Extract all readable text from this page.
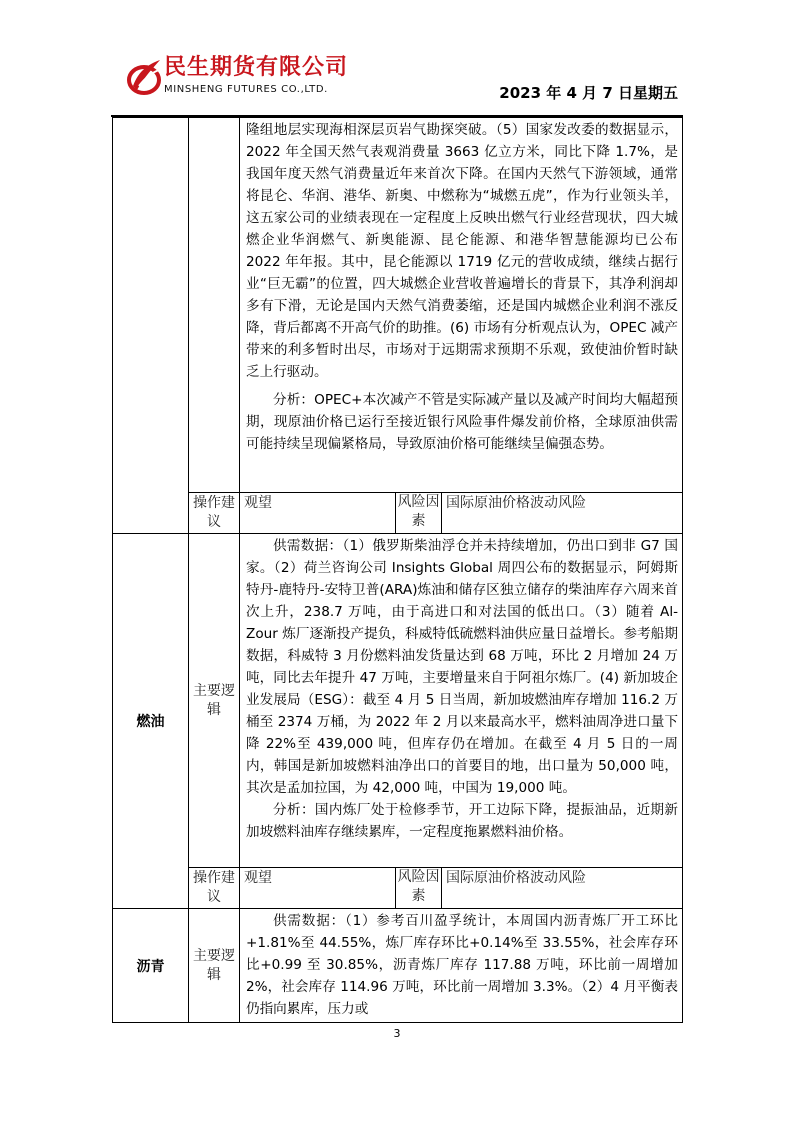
民生期货有限公司
MINSHENG FUTURES CO.,LTD.	2023 年 4 月 7 日星期五

		隆组地层实现海相深层页岩气勘探突破。（5）国家发改委的数据显示，2022 年全国天然气表观消费量 3663 亿立方米，同比下降 1.7%，是我国年度天然气消费量近年来首次下降。在国内天然气下游领域，通常将昆仑、华润、港华、新奥、中燃称为“城燃五虎”，作为行业领头羊，这五家公司的业绩表现在一定程度上反映出燃气行业经营现状，四大城燃企业华润燃气、新奥能源、昆仑能源、和港华智慧能源均已公布 2022 年年报。其中，昆仑能源以 1719 亿元的营收成绩，继续占据行业“巨无霸”的位置，四大城燃企业营收普遍增长的背景下，其净利润却多有下滑，无论是国内天然气消费萎缩，还是国内城燃企业利润不涨反降，背后都离不开高气价的助推。(6) 市场有分析观点认为，OPEC 减产带来的利多暂时出尽，市场对于远期需求预期不乐观，致使油价暂时缺乏上行驱动。

分析：OPEC+本次减产不管是实际减产量以及减产时间均大幅超预期，现原油价格已运行至接近银行风险事件爆发前价格，全球原油供需可能持续呈现偏紧格局，导致原油价格可能继续呈偏强态势。		

	操作建议	观望	风险因素	国际原油价格波动风险
燃油	主要逻辑	供需数据：（1）俄罗斯柴油浮仓并未持续增加，仍出口到非 G7 国家。（2）荷兰咨询公司 Insights Global 周四公布的数据显示，阿姆斯特丹-鹿特丹-安特卫普(ARA)炼油和储存区独立储存的柴油库存六周来首次上升，238.7 万吨，由于高进口和对法国的低出口。（3）随着 Al-Zour 炼厂逐渐投产提负，科威特低硫燃料油供应量日益增长。参考船期数据，科威特 3 月份燃料油发货量达到 68 万吨，环比 2 月增加 24 万吨，同比去年提升 47 万吨，主要增量来自于阿祖尔炼厂。(4) 新加坡企业发展局（ESG）：截至 4 月 5 日当周，新加坡燃油库存增加 116.2 万桶至 2374 万桶，为 2022 年 2 月以来最高水平，燃料油周净进口量下降 22%至 439,000 吨，但库存仍在增加。在截至 4 月 5 日的一周内，韩国是新加坡燃料油净出口的首要目的地，出口量为 50,000 吨，其次是孟加拉国，为 42,000 吨，中国为 19,000 吨。

分析：国内炼厂处于检修季节，开工边际下降，提振油品，近期新加坡燃料油库存继续累库，一定程度拖累燃料油价格。		

	操作建议	观望	风险因素	国际原油价格波动风险
沥青	主要逻辑	供需数据：（1）参考百川盈孚统计，本周国内沥青炼厂开工环比+1.81%至 44.55%，炼厂库存环比+0.14%至 33.55%，社会库存环比+0.99 至 30.85%，沥青炼厂库存 117.88 万吨，环比前一周增加 2%，社会库存 114.96 万吨，环比前一周增加 3.3%。（2）4 月平衡表仍指向累库，压力或		

3
